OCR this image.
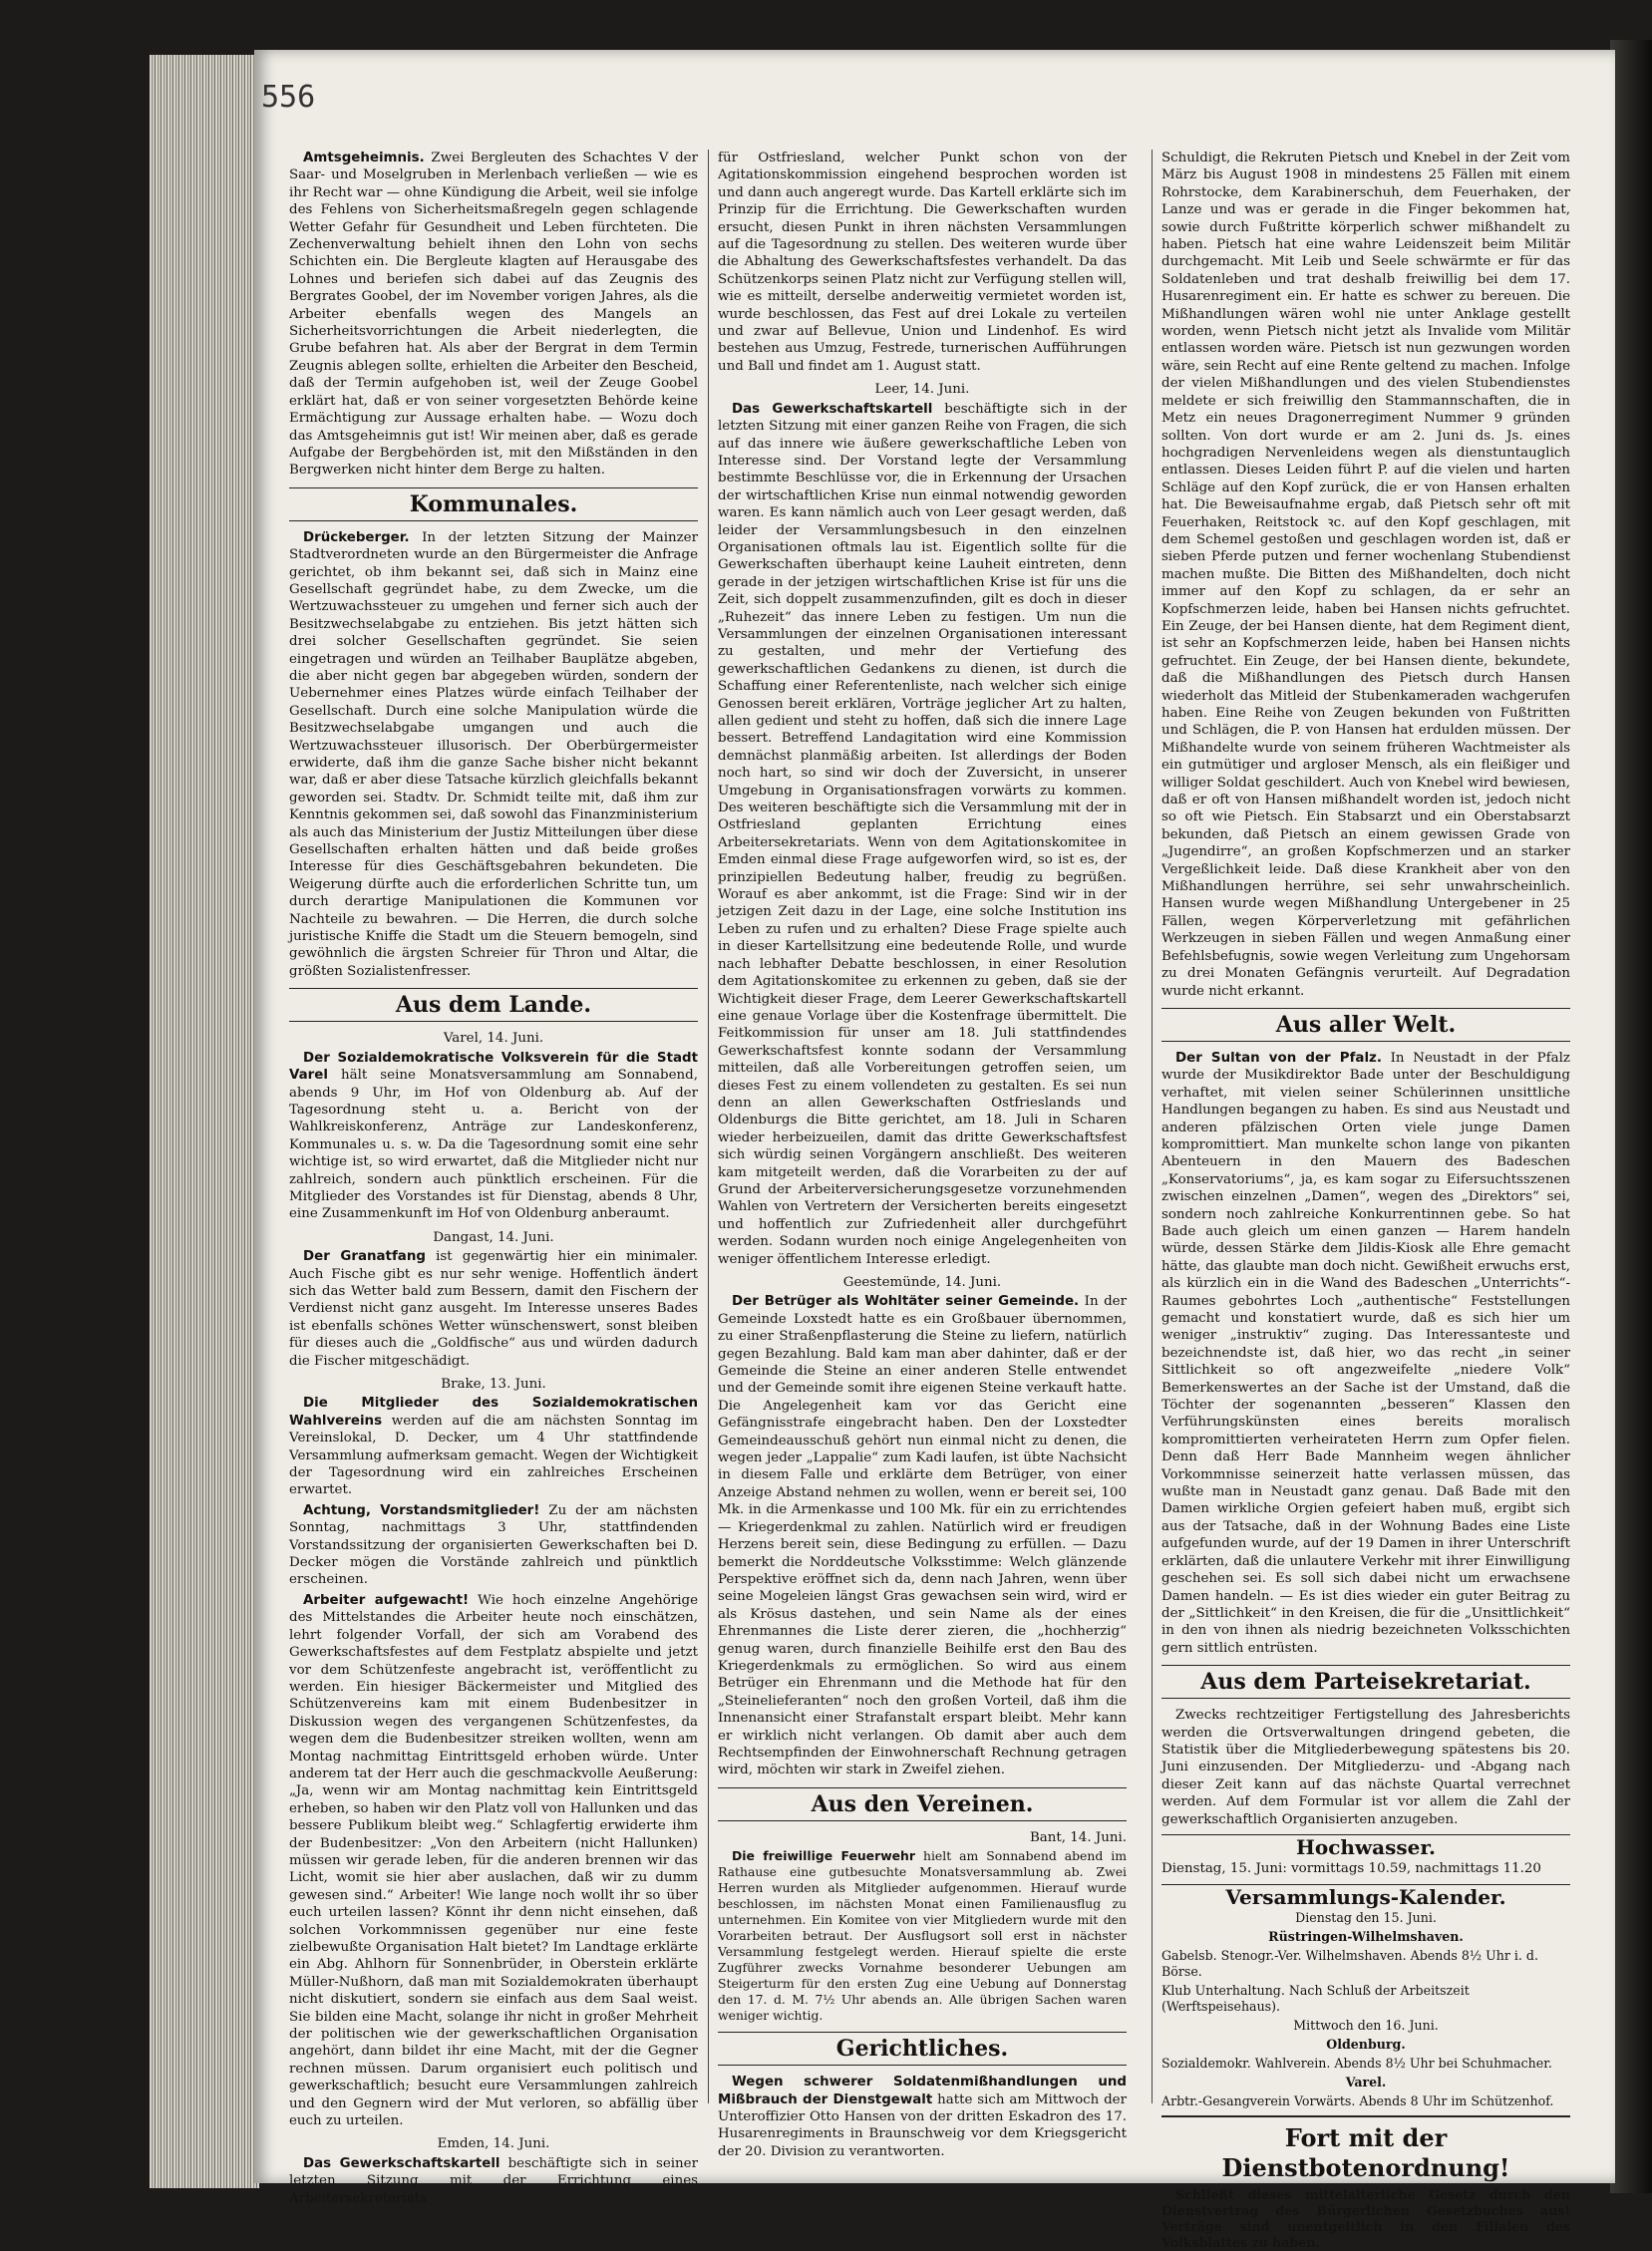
556

Amtsgeheimnis. Zwei Bergleuten des Schachtes V der Saar- und Moselgruben in Merlenbach verließen — wie es ihr Recht war — ohne Kündigung die Arbeit, weil sie infolge des Fehlens von Sicherheitsmaßregeln gegen schlagende Wetter Gefahr für Gesundheit und Leben fürchteten. Die Zechenverwaltung behielt ihnen den Lohn von sechs Schichten ein. Die Bergleute klagten auf Herausgabe des Lohnes und beriefen sich dabei auf das Zeugnis des Bergrates Goobel, der im November vorigen Jahres, als die Arbeiter ebenfalls wegen des Mangels an Sicherheitsvorrichtungen die Arbeit niederlegten, die Grube befahren hat. Als aber der Bergrat in dem Termin Zeugnis ablegen sollte, erhielten die Arbeiter den Bescheid, daß der Termin aufgehoben ist, weil der Zeuge Goobel erklärt hat, daß er von seiner vorgesetzten Behörde keine Ermächtigung zur Aussage erhalten habe. — Wozu doch das Amtsgeheimnis gut ist! Wir meinen aber, daß es gerade Aufgabe der Bergbehörden ist, mit den Mißständen in den Bergwerken nicht hinter dem Berge zu halten.

Kommunales.

Drückeberger. In der letzten Sitzung der Mainzer Stadtverordneten wurde an den Bürgermeister die Anfrage gerichtet, ob ihm bekannt sei, daß sich in Mainz eine Gesellschaft gegründet habe, zu dem Zwecke, um die Wertzuwachssteuer zu umgehen und ferner sich auch der Besitzwechselabgabe zu entziehen. Bis jetzt hätten sich drei solcher Gesellschaften gegründet. Sie seien eingetragen und würden an Teilhaber Bauplätze abgeben, die aber nicht gegen bar abgegeben würden, sondern der Uebernehmer eines Platzes würde einfach Teilhaber der Gesellschaft. Durch eine solche Manipulation würde die Besitzwechselabgabe umgangen und auch die Wertzuwachssteuer illusorisch. Der Oberbürgermeister erwiderte, daß ihm die ganze Sache bisher nicht bekannt war, daß er aber diese Tatsache kürzlich gleichfalls bekannt geworden sei. Stadtv. Dr. Schmidt teilte mit, daß ihm zur Kenntnis gekommen sei, daß sowohl das Finanzministerium als auch das Ministerium der Justiz Mitteilungen über diese Gesellschaften erhalten hätten und daß beide großes Interesse für dies Geschäftsgebahren bekundeten. Die Weigerung dürfte auch die erforderlichen Schritte tun, um durch derartige Manipulationen die Kommunen vor Nachteile zu bewahren. — Die Herren, die durch solche juristische Kniffe die Stadt um die Steuern bemogeln, sind gewöhnlich die ärgsten Schreier für Thron und Altar, die größten Sozialistenfresser.

Aus dem Lande.
Varel, 14. Juni.

Der Sozialdemokratische Volksverein für die Stadt Varel hält seine Monatsversammlung am Sonnabend, abends 9 Uhr, im Hof von Oldenburg ab. Auf der Tagesordnung steht u. a. Bericht von der Wahlkreiskonferenz, Anträge zur Landeskonferenz, Kommunales u. s. w. Da die Tagesordnung somit eine sehr wichtige ist, so wird erwartet, daß die Mitglieder nicht nur zahlreich, sondern auch pünktlich erscheinen. Für die Mitglieder des Vorstandes ist für Dienstag, abends 8 Uhr, eine Zusammenkunft im Hof von Oldenburg anberaumt.

Dangast, 14. Juni.

Der Granatfang ist gegenwärtig hier ein minimaler. Auch Fische gibt es nur sehr wenige. Hoffentlich ändert sich das Wetter bald zum Bessern, damit den Fischern der Verdienst nicht ganz ausgeht. Im Interesse unseres Bades ist ebenfalls schönes Wetter wünschenswert, sonst bleiben für dieses auch die „Goldfische“ aus und würden dadurch die Fischer mitgeschädigt.

Brake, 13. Juni.

Die Mitglieder des Sozialdemokratischen Wahlvereins werden auf die am nächsten Sonntag im Vereinslokal, D. Decker, um 4 Uhr stattfindende Versammlung aufmerksam gemacht. Wegen der Wichtigkeit der Tagesordnung wird ein zahlreiches Erscheinen erwartet.

Achtung, Vorstandsmitglieder! Zu der am nächsten Sonntag, nachmittags 3 Uhr, stattfindenden Vorstandssitzung der organisierten Gewerkschaften bei D. Decker mögen die Vorstände zahlreich und pünktlich erscheinen.

Arbeiter aufgewacht! Wie hoch einzelne Angehörige des Mittelstandes die Arbeiter heute noch einschätzen, lehrt folgender Vorfall, der sich am Vorabend des Gewerkschaftsfestes auf dem Festplatz abspielte und jetzt vor dem Schützenfeste angebracht ist, veröffentlicht zu werden. Ein hiesiger Bäckermeister und Mitglied des Schützenvereins kam mit einem Budenbesitzer in Diskussion wegen des vergangenen Schützenfestes, da wegen dem die Budenbesitzer streiken wollten, wenn am Montag nachmittag Eintrittsgeld erhoben würde. Unter anderem tat der Herr auch die geschmackvolle Aeußerung: „Ja, wenn wir am Montag nachmittag kein Eintrittsgeld erheben, so haben wir den Platz voll von Hallunken und das bessere Publikum bleibt weg.“ Schlagfertig erwiderte ihm der Budenbesitzer: „Von den Arbeitern (nicht Hallunken) müssen wir gerade leben, für die anderen brennen wir das Licht, womit sie hier aber auslachen, daß wir zu dumm gewesen sind.“ Arbeiter! Wie lange noch wollt ihr so über euch urteilen lassen? Könnt ihr denn nicht einsehen, daß solchen Vorkommnissen gegenüber nur eine feste zielbewußte Organisation Halt bietet? Im Landtage erklärte ein Abg. Ahlhorn für Sonnenbrüder, in Oberstein erklärte Müller-Nußhorn, daß man mit Sozialdemokraten überhaupt nicht diskutiert, sondern sie einfach aus dem Saal weist. Sie bilden eine Macht, solange ihr nicht in großer Mehrheit der politischen wie der gewerkschaftlichen Organisation angehört, dann bildet ihr eine Macht, mit der die Gegner rechnen müssen. Darum organisiert euch politisch und gewerkschaftlich; besucht eure Versammlungen zahlreich und den Gegnern wird der Mut verloren, so abfällig über euch zu urteilen.

Emden, 14. Juni.

Das Gewerkschaftskartell beschäftigte sich in seiner letzten Sitzung mit der Errichtung eines Arbeitersekretariats

für Ostfriesland, welcher Punkt schon von der Agitationskommission eingehend besprochen worden ist und dann auch angeregt wurde. Das Kartell erklärte sich im Prinzip für die Errichtung. Die Gewerkschaften wurden ersucht, diesen Punkt in ihren nächsten Versammlungen auf die Tagesordnung zu stellen. Des weiteren wurde über die Abhaltung des Gewerkschaftsfestes verhandelt. Da das Schützenkorps seinen Platz nicht zur Verfügung stellen will, wie es mitteilt, derselbe anderweitig vermietet worden ist, wurde beschlossen, das Fest auf drei Lokale zu verteilen und zwar auf Bellevue, Union und Lindenhof. Es wird bestehen aus Umzug, Festrede, turnerischen Aufführungen und Ball und findet am 1. August statt.

Leer, 14. Juni.

Das Gewerkschaftskartell beschäftigte sich in der letzten Sitzung mit einer ganzen Reihe von Fragen, die sich auf das innere wie äußere gewerkschaftliche Leben von Interesse sind. Der Vorstand legte der Versammlung bestimmte Beschlüsse vor, die in Erkennung der Ursachen der wirtschaftlichen Krise nun einmal notwendig geworden waren. Es kann nämlich auch von Leer gesagt werden, daß leider der Versammlungsbesuch in den einzelnen Organisationen oftmals lau ist. Eigentlich sollte für die Gewerkschaften überhaupt keine Lauheit eintreten, denn gerade in der jetzigen wirtschaftlichen Krise ist für uns die Zeit, sich doppelt zusammenzufinden, gilt es doch in dieser „Ruhezeit“ das innere Leben zu festigen. Um nun die Versammlungen der einzelnen Organisationen interessant zu gestalten, und mehr der Vertiefung des gewerkschaftlichen Gedankens zu dienen, ist durch die Schaffung einer Referentenliste, nach welcher sich einige Genossen bereit erklären, Vorträge jeglicher Art zu halten, allen gedient und steht zu hoffen, daß sich die innere Lage bessert. Betreffend Landagitation wird eine Kommission demnächst planmäßig arbeiten. Ist allerdings der Boden noch hart, so sind wir doch der Zuversicht, in unserer Umgebung in Organisationsfragen vorwärts zu kommen. Des weiteren beschäftigte sich die Versammlung mit der in Ostfriesland geplanten Errichtung eines Arbeitersekretariats. Wenn von dem Agitationskomitee in Emden einmal diese Frage aufgeworfen wird, so ist es, der prinzipiellen Bedeutung halber, freudig zu begrüßen. Worauf es aber ankommt, ist die Frage: Sind wir in der jetzigen Zeit dazu in der Lage, eine solche Institution ins Leben zu rufen und zu erhalten? Diese Frage spielte auch in dieser Kartellsitzung eine bedeutende Rolle, und wurde nach lebhafter Debatte beschlossen, in einer Resolution dem Agitationskomitee zu erkennen zu geben, daß sie der Wichtigkeit dieser Frage, dem Leerer Gewerkschaftskartell eine genaue Vorlage über die Kostenfrage übermittelt. Die Feitkommission für unser am 18. Juli stattfindendes Gewerkschaftsfest konnte sodann der Versammlung mitteilen, daß alle Vorbereitungen getroffen seien, um dieses Fest zu einem vollendeten zu gestalten. Es sei nun denn an allen Gewerkschaften Ostfrieslands und Oldenburgs die Bitte gerichtet, am 18. Juli in Scharen wieder herbeizueilen, damit das dritte Gewerkschaftsfest sich würdig seinen Vorgängern anschließt. Des weiteren kam mitgeteilt werden, daß die Vorarbeiten zu der auf Grund der Arbeiterversicherungsgesetze vorzunehmenden Wahlen von Vertretern der Versicherten bereits eingesetzt und hoffentlich zur Zufriedenheit aller durchgeführt werden. Sodann wurden noch einige Angelegenheiten von weniger öffentlichem Interesse erledigt.

Geestemünde, 14. Juni.

Der Betrüger als Wohltäter seiner Gemeinde. In der Gemeinde Loxstedt hatte es ein Großbauer übernommen, zu einer Straßenpflasterung die Steine zu liefern, natürlich gegen Bezahlung. Bald kam man aber dahinter, daß er der Gemeinde die Steine an einer anderen Stelle entwendet und der Gemeinde somit ihre eigenen Steine verkauft hatte. Die Angelegenheit kam vor das Gericht eine Gefängnisstrafe eingebracht haben. Den der Loxstedter Gemeindeausschuß gehört nun einmal nicht zu denen, die wegen jeder „Lappalie“ zum Kadi laufen, ist übte Nachsicht in diesem Falle und erklärte dem Betrüger, von einer Anzeige Abstand nehmen zu wollen, wenn er bereit sei, 100 Mk. in die Armenkasse und 100 Mk. für ein zu errichtendes — Kriegerdenkmal zu zahlen. Natürlich wird er freudigen Herzens bereit sein, diese Bedingung zu erfüllen. — Dazu bemerkt die Norddeutsche Volksstimme: Welch glänzende Perspektive eröffnet sich da, denn nach Jahren, wenn über seine Mogeleien längst Gras gewachsen sein wird, wird er als Krösus dastehen, und sein Name als der eines Ehrenmannes die Liste derer zieren, die „hochherzig“ genug waren, durch finanzielle Beihilfe erst den Bau des Kriegerdenkmals zu ermöglichen. So wird aus einem Betrüger ein Ehrenmann und die Methode hat für den „Steinelieferanten“ noch den großen Vorteil, daß ihm die Innenansicht einer Strafanstalt erspart bleibt. Mehr kann er wirklich nicht verlangen. Ob damit aber auch dem Rechtsempfinden der Einwohnerschaft Rechnung getragen wird, möchten wir stark in Zweifel ziehen.

Aus den Vereinen.
Bant, 14. Juni.

Die freiwillige Feuerwehr hielt am Sonnabend abend im Rathause eine gutbesuchte Monatsversammlung ab. Zwei Herren wurden als Mitglieder aufgenommen. Hierauf wurde beschlossen, im nächsten Monat einen Familienausflug zu unternehmen. Ein Komitee von vier Mitgliedern wurde mit den Vorarbeiten betraut. Der Ausflugsort soll erst in nächster Versammlung festgelegt werden. Hierauf spielte die erste Zugführer zwecks Vornahme besonderer Uebungen am Steigerturm für den ersten Zug eine Uebung auf Donnerstag den 17. d. M. 7½ Uhr abends an. Alle übrigen Sachen waren weniger wichtig.

Gerichtliches.

Wegen schwerer Soldatenmißhandlungen und Mißbrauch der Dienstgewalt hatte sich am Mittwoch der Unteroffizier Otto Hansen von der dritten Eskadron des 17. Husarenregiments in Braunschweig vor dem Kriegsgericht der 20. Division zu verantworten.

Schuldigt, die Rekruten Pietsch und Knebel in der Zeit vom März bis August 1908 in mindestens 25 Fällen mit einem Rohrstocke, dem Karabinerschuh, dem Feuerhaken, der Lanze und was er gerade in die Finger bekommen hat, sowie durch Fußtritte körperlich schwer mißhandelt zu haben. Pietsch hat eine wahre Leidenszeit beim Militär durchgemacht. Mit Leib und Seele schwärmte er für das Soldatenleben und trat deshalb freiwillig bei dem 17. Husarenregiment ein. Er hatte es schwer zu bereuen. Die Mißhandlungen wären wohl nie unter Anklage gestellt worden, wenn Pietsch nicht jetzt als Invalide vom Militär entlassen worden wäre. Pietsch ist nun gezwungen worden wäre, sein Recht auf eine Rente geltend zu machen. Infolge der vielen Mißhandlungen und des vielen Stubendienstes meldete er sich freiwillig den Stammannschaften, die in Metz ein neues Dragonerregiment Nummer 9 gründen sollten. Von dort wurde er am 2. Juni ds. Js. eines hochgradigen Nervenleidens wegen als dienstuntauglich entlassen. Dieses Leiden führt P. auf die vielen und harten Schläge auf den Kopf zurück, die er von Hansen erhalten hat. Die Beweisaufnahme ergab, daß Pietsch sehr oft mit Feuerhaken, Reitstock ꝛc. auf den Kopf geschlagen, mit dem Schemel gestoßen und geschlagen worden ist, daß er sieben Pferde putzen und ferner wochenlang Stubendienst machen mußte. Die Bitten des Mißhandelten, doch nicht immer auf den Kopf zu schlagen, da er sehr an Kopfschmerzen leide, haben bei Hansen nichts gefruchtet. Ein Zeuge, der bei Hansen diente, hat dem Regiment dient, ist sehr an Kopfschmerzen leide, haben bei Hansen nichts gefruchtet. Ein Zeuge, der bei Hansen diente, bekundete, daß die Mißhandlungen des Pietsch durch Hansen wiederholt das Mitleid der Stubenkameraden wachgerufen haben. Eine Reihe von Zeugen bekunden von Fußtritten und Schlägen, die P. von Hansen hat erdulden müssen. Der Mißhandelte wurde von seinem früheren Wachtmeister als ein gutmütiger und argloser Mensch, als ein fleißiger und williger Soldat geschildert. Auch von Knebel wird bewiesen, daß er oft von Hansen mißhandelt worden ist, jedoch nicht so oft wie Pietsch. Ein Stabsarzt und ein Oberstabsarzt bekunden, daß Pietsch an einem gewissen Grade von „Jugendirre“, an großen Kopfschmerzen und an starker Vergeßlichkeit leide. Daß diese Krankheit aber von den Mißhandlungen herrühre, sei sehr unwahrscheinlich. Hansen wurde wegen Mißhandlung Untergebener in 25 Fällen, wegen Körperverletzung mit gefährlichen Werkzeugen in sieben Fällen und wegen Anmaßung einer Befehlsbefugnis, sowie wegen Verleitung zum Ungehorsam zu drei Monaten Gefängnis verurteilt. Auf Degradation wurde nicht erkannt.

Aus aller Welt.

Der Sultan von der Pfalz. In Neustadt in der Pfalz wurde der Musikdirektor Bade unter der Beschuldigung verhaftet, mit vielen seiner Schülerinnen unsittliche Handlungen begangen zu haben. Es sind aus Neustadt und anderen pfälzischen Orten viele junge Damen kompromittiert. Man munkelte schon lange von pikanten Abenteuern in den Mauern des Badeschen „Konservatoriums“, ja, es kam sogar zu Eifersuchtsszenen zwischen einzelnen „Damen“, wegen des „Direktors“ sei, sondern noch zahlreiche Konkurrentinnen gebe. So hat Bade auch gleich um einen ganzen — Harem handeln würde, dessen Stärke dem Jildis-Kiosk alle Ehre gemacht hätte, das glaubte man doch nicht. Gewißheit erwuchs erst, als kürzlich ein in die Wand des Badeschen „Unterrichts“-Raumes gebohrtes Loch „authentische“ Feststellungen gemacht und konstatiert wurde, daß es sich hier um weniger „instruktiv“ zuging. Das Interessanteste und bezeichnendste ist, daß hier, wo das recht „in seiner Sittlichkeit so oft angezweifelte „niedere Volk“ Bemerkenswertes an der Sache ist der Umstand, daß die Töchter der sogenannten „besseren“ Klassen den Verführungskünsten eines bereits moralisch kompromittierten verheirateten Herrn zum Opfer fielen. Denn daß Herr Bade Mannheim wegen ähnlicher Vorkommnisse seinerzeit hatte verlassen müssen, das wußte man in Neustadt ganz genau. Daß Bade mit den Damen wirkliche Orgien gefeiert haben muß, ergibt sich aus der Tatsache, daß in der Wohnung Bades eine Liste aufgefunden wurde, auf der 19 Damen in ihrer Unterschrift erklärten, daß die unlautere Verkehr mit ihrer Einwilligung geschehen sei. Es soll sich dabei nicht um erwachsene Damen handeln. — Es ist dies wieder ein guter Beitrag zu der „Sittlichkeit“ in den Kreisen, die für die „Unsittlichkeit“ in den von ihnen als niedrig bezeichneten Volksschichten gern sittlich entrüsten.

Aus dem Parteisekretariat.

Zwecks rechtzeitiger Fertigstellung des Jahresberichts werden die Ortsverwaltungen dringend gebeten, die Statistik über die Mitgliederbewegung spätestens bis 20. Juni einzusenden. Der Mitgliederzu- und -Abgang nach dieser Zeit kann auf das nächste Quartal verrechnet werden. Auf dem Formular ist vor allem die Zahl der gewerkschaftlich Organisierten anzugeben.

Hochwasser.

Dienstag, 15. Juni: vormittags 10.59, nachmittags 11.20

Versammlungs-Kalender.

Dienstag den 15. Juni.

Rüstringen-Wilhelmshaven.

Gabelsb. Stenogr.-Ver. Wilhelmshaven. Abends 8½ Uhr i. d. Börse.

Klub Unterhaltung. Nach Schluß der Arbeitszeit (Werftspeisehaus).

Mittwoch den 16. Juni.

Oldenburg.

Sozialdemokr. Wahlverein. Abends 8½ Uhr bei Schuhmacher.

Varel.

Arbtr.-Gesangverein Vorwärts. Abends 8 Uhr im Schützenhof.

Fort mit der Dienstbotenordnung!

Schließt dieses mittelalterliche Gesetz durch den Dienstvertrag des Bürgerlichen Gesetzbuches aus! Verträge sind unentgeltlich in den Filialen des Volksblattes zu haben.
